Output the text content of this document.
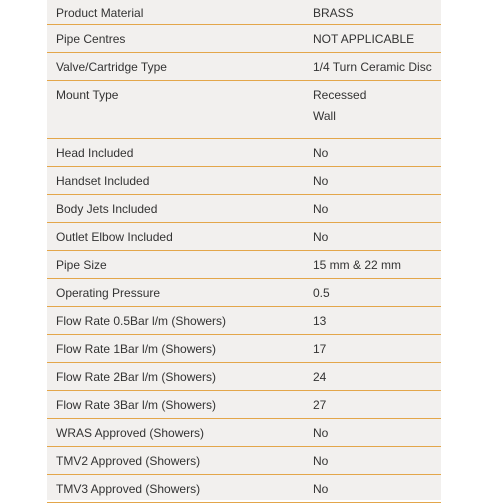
Product Material	BRASS

Pipe Centres	NOT APPLICABLE

Valve/Cartridge Type	1/4 Turn Ceramic Disc

Mount Type	Recessed
Wall

Head Included	No

Handset Included	No

Body Jets Included	No

Outlet Elbow Included	No

Pipe Size	15 mm & 22 mm

Operating Pressure	0.5

Flow Rate 0.5Bar l/m (Showers)	13

Flow Rate 1Bar l/m (Showers)	17

Flow Rate 2Bar l/m (Showers)	24

Flow Rate 3Bar l/m (Showers)	27

WRAS Approved (Showers)	No

TMV2 Approved (Showers)	No

TMV3 Approved (Showers)	No
